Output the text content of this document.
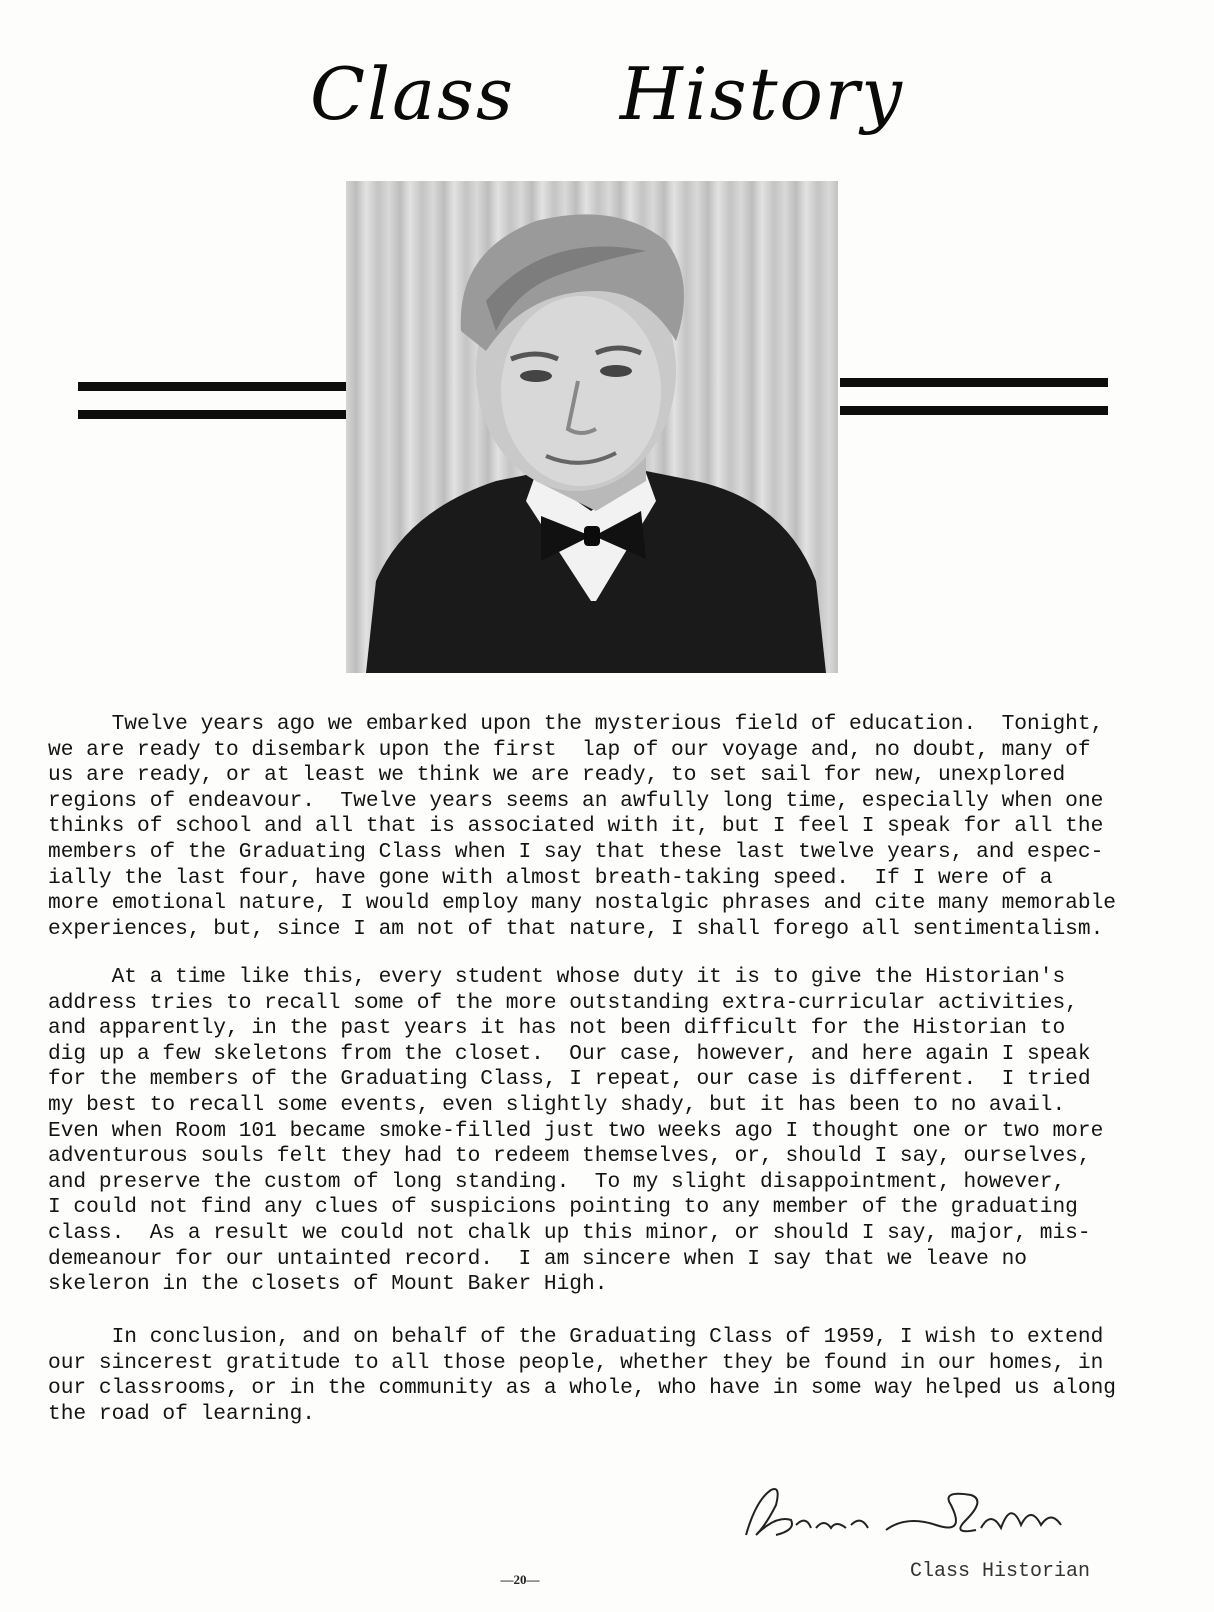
Class History
Twelve years ago we embarked upon the mysterious field of education.  Tonight,
we are ready to disembark upon the first  lap of our voyage and, no doubt, many of
us are ready, or at least we think we are ready, to set sail for new, unexplored
regions of endeavour.  Twelve years seems an awfully long time, especially when one
thinks of school and all that is associated with it, but I feel I speak for all the
members of the Graduating Class when I say that these last twelve years, and espec-
ially the last four, have gone with almost breath-taking speed.  If I were of a
more emotional nature, I would employ many nostalgic phrases and cite many memorable
experiences, but, since I am not of that nature, I shall forego all sentimentalism.
At a time like this, every student whose duty it is to give the Historian's
address tries to recall some of the more outstanding extra-curricular activities,
and apparently, in the past years it has not been difficult for the Historian to
dig up a few skeletons from the closet.  Our case, however, and here again I speak
for the members of the Graduating Class, I repeat, our case is different.  I tried
my best to recall some events, even slightly shady, but it has been to no avail.
Even when Room 101 became smoke-filled just two weeks ago I thought one or two more
adventurous souls felt they had to redeem themselves, or, should I say, ourselves,
and preserve the custom of long standing.  To my slight disappointment, however,
I could not find any clues of suspicions pointing to any member of the graduating
class.  As a result we could not chalk up this minor, or should I say, major, mis-
demeanour for our untainted record.  I am sincere when I say that we leave no
skeleron in the closets of Mount Baker High.
In conclusion, and on behalf of the Graduating Class of 1959, I wish to extend
our sincerest gratitude to all those people, whether they be found in our homes, in
our classrooms, or in the community as a whole, who have in some way helped us along
the road of learning.
—20—	Class Historian
